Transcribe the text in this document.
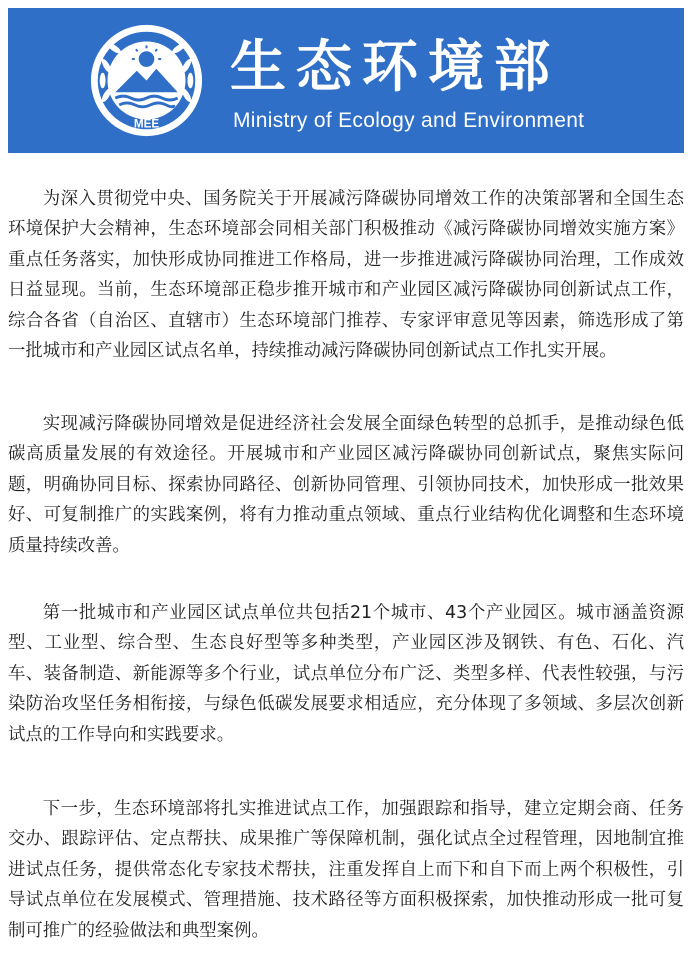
MEE
生态环境部
Ministry of Ecology and Environment

为深入贯彻党中央、国务院关于开展减污降碳协同增效工作的决策部署和全国生态环境保护大会精神，生态环境部会同相关部门积极推动《减污降碳协同增效实施方案》重点任务落实，加快形成协同推进工作格局，进一步推进减污降碳协同治理，工作成效日益显现。当前，生态环境部正稳步推开城市和产业园区减污降碳协同创新试点工作，综合各省（自治区、直辖市）生态环境部门推荐、专家评审意见等因素，筛选形成了第一批城市和产业园区试点名单，持续推动减污降碳协同创新试点工作扎实开展。

实现减污降碳协同增效是促进经济社会发展全面绿色转型的总抓手，是推动绿色低碳高质量发展的有效途径。开展城市和产业园区减污降碳协同创新试点，聚焦实际问题，明确协同目标、探索协同路径、创新协同管理、引领协同技术，加快形成一批效果好、可复制推广的实践案例，将有力推动重点领域、重点行业结构优化调整和生态环境质量持续改善。

第一批城市和产业园区试点单位共包括21个城市、43个产业园区。城市涵盖资源型、工业型、综合型、生态良好型等多种类型，产业园区涉及钢铁、有色、石化、汽车、装备制造、新能源等多个行业，试点单位分布广泛、类型多样、代表性较强，与污染防治攻坚任务相衔接，与绿色低碳发展要求相适应，充分体现了多领域、多层次创新试点的工作导向和实践要求。

下一步，生态环境部将扎实推进试点工作，加强跟踪和指导，建立定期会商、任务交办、跟踪评估、定点帮扶、成果推广等保障机制，强化试点全过程管理，因地制宜推进试点任务，提供常态化专家技术帮扶，注重发挥自上而下和自下而上两个积极性，引导试点单位在发展模式、管理措施、技术路径等方面积极探索，加快推动形成一批可复制可推广的经验做法和典型案例。
